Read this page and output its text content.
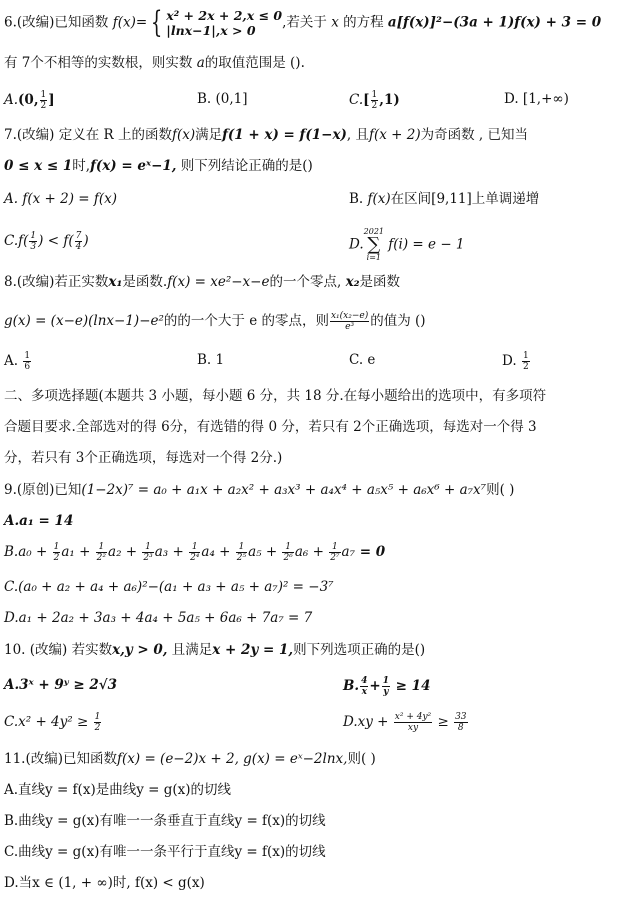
6.(改编)已知函数 f(x)= { x² + 2x + 2,x ≤ 0
|lnx−1|,x > 0	,若关于 x 的方程 a[f(x)]²−(3a + 1)f(x) + 3 = 0
有 7个不相等的实数根，则实数 a的取值范围是 ().
A.(0, $\frac{1}{2}$ ]	B. (0,1]	$C.[ \frac{1}{2} ,1)$	D. [1,+∞)
7.(改编) 定义在 R 上的函数f(x)满足f(1 + x) = f(1−x), 且f(x + 2)为奇函数 , 已知当
0 ≤ x ≤ 1时,f(x) = eˣ−1, 则下列结论正确的是()
A. f(x + 2) = f(x)	B. f(x)在区间[9,11]上单调递增
$C.f( \frac{1}{3}$ ) < $f( \frac{7}{4}$ )	D.
2021
∑
i=1
f(i) = e − 1
8.(改编)若正实数x₁是函数.f(x) = xe²−x−e的一个零点, x₂是函数
g(x) = (x−e)(lnx−1)−e²的的一个大于 e 的零点，则 $\frac{\text{x₁(x₂−e)}}{\text{e³}}$ 的值为 ()
A. $\frac{1}{6}$	B. 1	C. e	D. $\frac{1}{2}$
二、多项选择题(本题共 3 小题，每小题 6 分，共 18 分.在每小题给出的选项中，有多项符
合题目要求.全部选对的得 6分，有选错的得 0 分，若只有 2个正确选项，每选对一个得 3
分，若只有 3个正确选项，每选对一个得 2分.)
9.(原创)已知(1−2x)⁷ = a₀ + a₁x + a₂x² + a₃x³ + a₄x⁴ + a₅x⁵ + a₆x⁶ + a₇x⁷则( )
A.a₁ = 14
$B.a_0 + \frac{1}{2} a_1 + \frac{1}{\text{2²}} a_2 + \frac{1}{\text{2³}} a_3 + \frac{1}{\text{2⁴}} a_4 + \frac{1}{\text{2⁵}} a_5 + \frac{1}{\text{2⁶}} a_6 + \frac{1}{\text{2⁷}} a_7 = 0$
C.(a₀ + a₂ + a₄ + a₆)²−(a₁ + a₃ + a₅ + a₇)² = −3⁷
D.a₁ + 2a₂ + 3a₃ + 4a₄ + 5a₅ + 6a₆ + 7a₇ = 7
10. (改编) 若实数x,y > 0, 且满足x + 2y = 1,则下列选项正确的是()
A.3ˣ + 9ʸ ≥ 2√3	B. $\frac{4}{x} + \frac{1}{y} \ge 14$
$C.x^2 + 4y^2 \ge \frac{1}{2}$	$D.xy + \frac{\text{x² + 4y²}}{xy} \ge \frac{33}{8}$
11.(改编)已知函数f(x) = (e−2)x + 2, g(x) = eˣ−2lnx,则( )
A.直线y = f(x)是曲线y = g(x)的切线
B.曲线y = g(x)有唯一一条垂直于直线y = f(x)的切线
C.曲线y = g(x)有唯一一条平行于直线y = f(x)的切线
D.当x ∈ (1, + ∞)时, f(x) < g(x)
